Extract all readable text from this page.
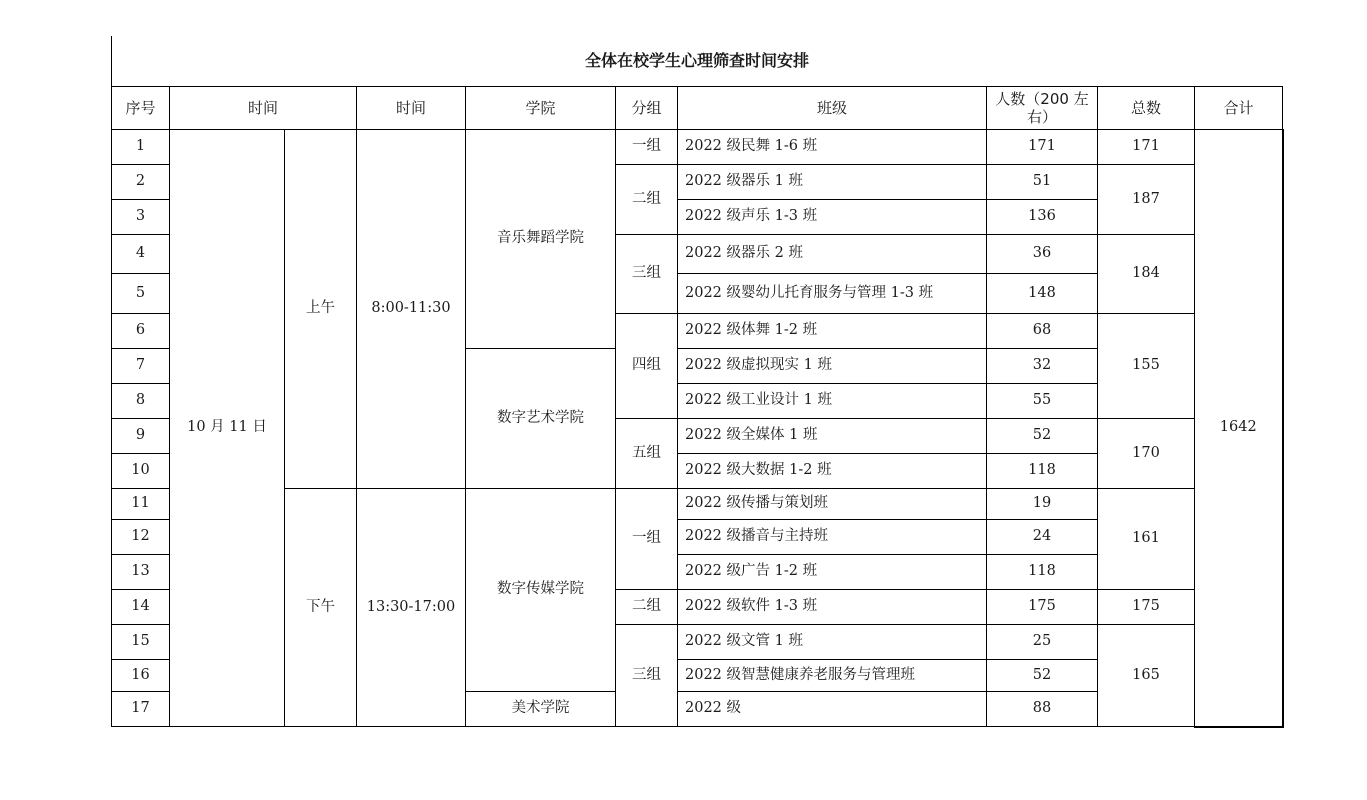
全体在校学生心理筛查时间安排
序号	时间		时间	学院	分组	班级	人数（200 左右）	总数	合计
1	10 月 11 日	上午	8:00-11:30	音乐舞蹈学院	一组	2022 级民舞 1-6 班	171	171	1642
2					二组	2022 级器乐 1 班	51	187	
3						2022 级声乐 1-3 班	136		
4					三组	2022 级器乐 2 班	36	184	
5						2022 级婴幼儿托育服务与管理 1-3 班	148		
6					四组	2022 级体舞 1-2 班	68	155	
7				数字艺术学院		2022 级虚拟现实 1 班	32		
8						2022 级工业设计 1 班	55		
9					五组	2022 级全媒体 1 班	52	170	
10						2022 级大数据 1-2 班	118		
11		下午	13:30-17:00	数字传媒学院	一组	2022 级传播与策划班	19	161	
12						2022 级播音与主持班	24		
13						2022 级广告 1-2 班	118		
14					二组	2022 级软件 1-3 班	175	175	
15					三组	2022 级文管 1 班	25	165	
16						2022 级智慧健康养老服务与管理班	52		
17				美术学院		2022 级	88		
